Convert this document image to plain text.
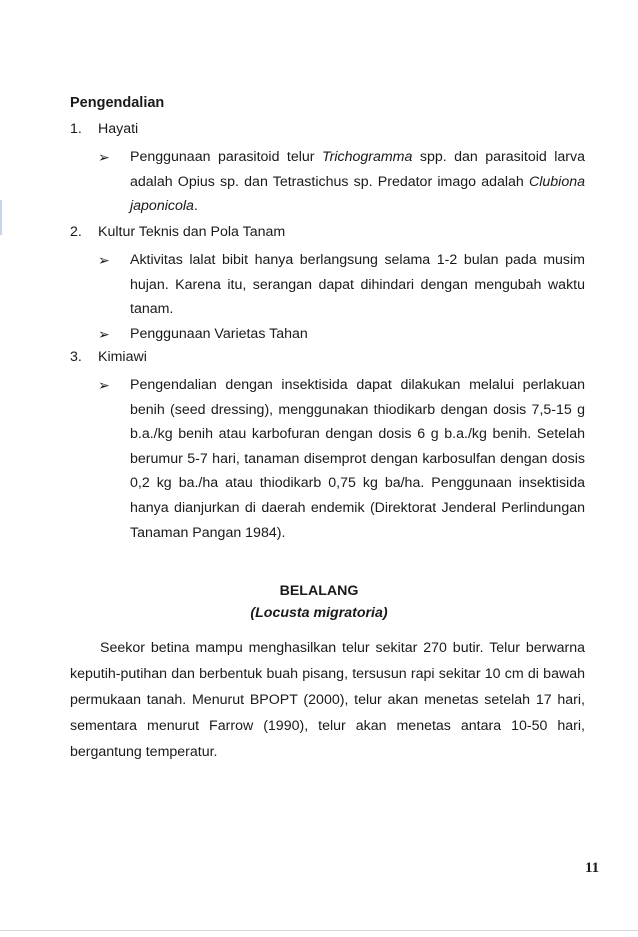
Pengendalian
1.	Hayati
➢	Penggunaan parasitoid telur Trichogramma spp. dan parasitoid larva adalah Opius sp. dan Tetrastichus sp. Predator imago adalah Clubiona japonicola.
2.	Kultur Teknis dan Pola Tanam
➢	Aktivitas lalat bibit hanya berlangsung selama 1-2 bulan pada musim hujan. Karena itu, serangan dapat dihindari dengan mengubah waktu tanam.
➢	Penggunaan Varietas Tahan
3.	Kimiawi
➢	Pengendalian dengan insektisida dapat dilakukan melalui perlakuan benih (seed dressing), menggunakan thiodikarb dengan dosis 7,5-15 g b.a./kg benih atau karbofuran dengan dosis 6 g b.a./kg benih. Setelah berumur 5-7 hari, tanaman disemprot dengan karbosulfan dengan dosis 0,2 kg ba./ha atau thiodikarb 0,75 kg ba/ha. Penggunaan insektisida hanya dianjurkan di daerah endemik (Direktorat Jenderal Perlindungan Tanaman Pangan 1984).
BELALANG
(Locusta migratoria)
Seekor betina mampu menghasilkan telur sekitar 270 butir. Telur berwarna keputih-putihan dan berbentuk buah pisang, tersusun rapi sekitar 10 cm di bawah permukaan tanah. Menurut BPOPT (2000), telur akan menetas setelah 17 hari, sementara menurut Farrow (1990), telur akan menetas antara 10-50 hari, bergantung temperatur.
11
